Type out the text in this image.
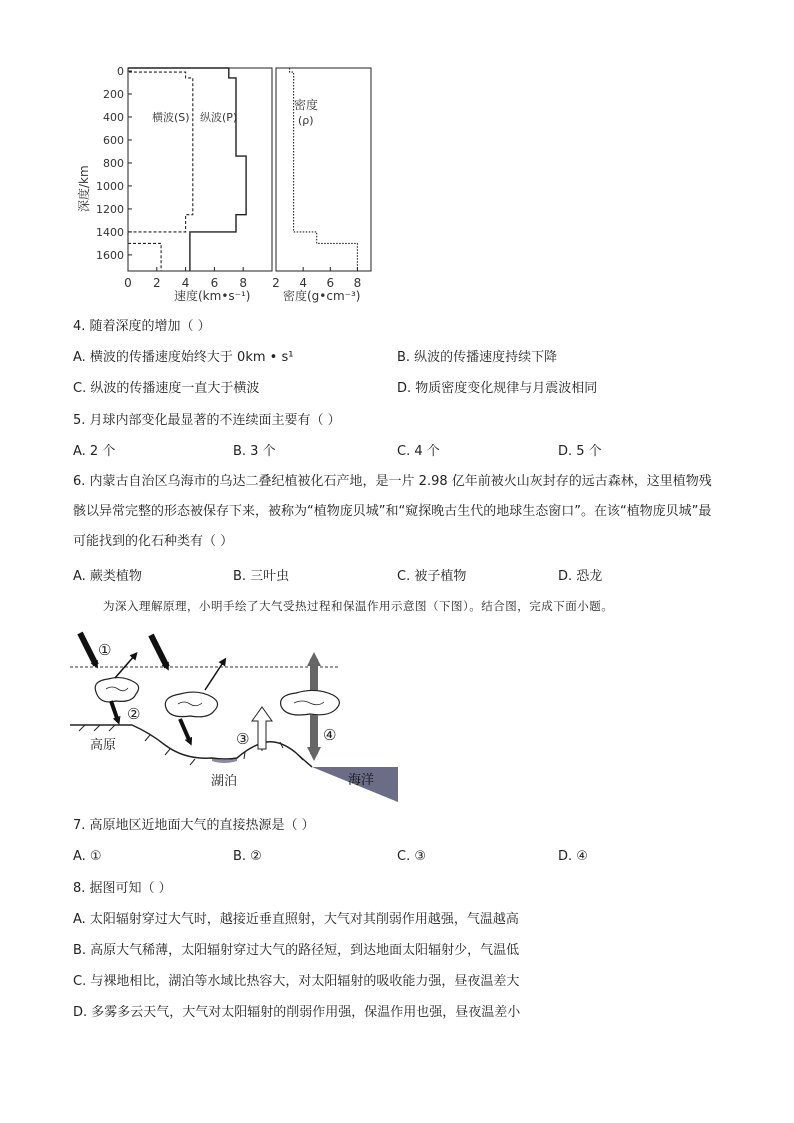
0
200
400
600
800
1000
1200
1400
1600
0 2 4 6 8 2 4 6 8
深度/km
横波(S) 纵波(P)
密度
(ρ)
速度(km•s⁻¹)	密度(g•cm⁻³)
4. 随着深度的增加（ ）
A. 横波的传播速度始终大于 0km • s¹	B. 纵波的传播速度持续下降
C. 纵波的传播速度一直大于横波	D. 物质密度变化规律与月震波相同
5. 月球内部变化最显著的不连续面主要有（ ）
A. 2 个	B. 3 个	C. 4 个	D. 5 个
6. 内蒙古自治区乌海市的乌达二叠纪植被化石产地，是一片 2.98 亿年前被火山灰封存的远古森林，这里植物残骸以异常完整的形态被保存下来，被称为“植物庞贝城”和“窥探晚古生代的地球生态窗口”。在该“植物庞贝城”最可能找到的化石种类有（ ）
A. 蕨类植物	B. 三叶虫	C. 被子植物	D. 恐龙
为深入理解原理，小明手绘了大气受热过程和保温作用示意图（下图）。结合图，完成下面小题。
①
②
③	④
高原
湖泊	海洋
7. 高原地区近地面大气的直接热源是（ ）
A. ①	B. ②	C. ③	D. ④
8. 据图可知（ ）
A. 太阳辐射穿过大气时，越接近垂直照射，大气对其削弱作用越强，气温越高
B. 高原大气稀薄，太阳辐射穿过大气的路径短，到达地面太阳辐射少，气温低
C. 与裸地相比，湖泊等水域比热容大，对太阳辐射的吸收能力强，昼夜温差大
D. 多雾多云天气，大气对太阳辐射的削弱作用强，保温作用也强，昼夜温差小
